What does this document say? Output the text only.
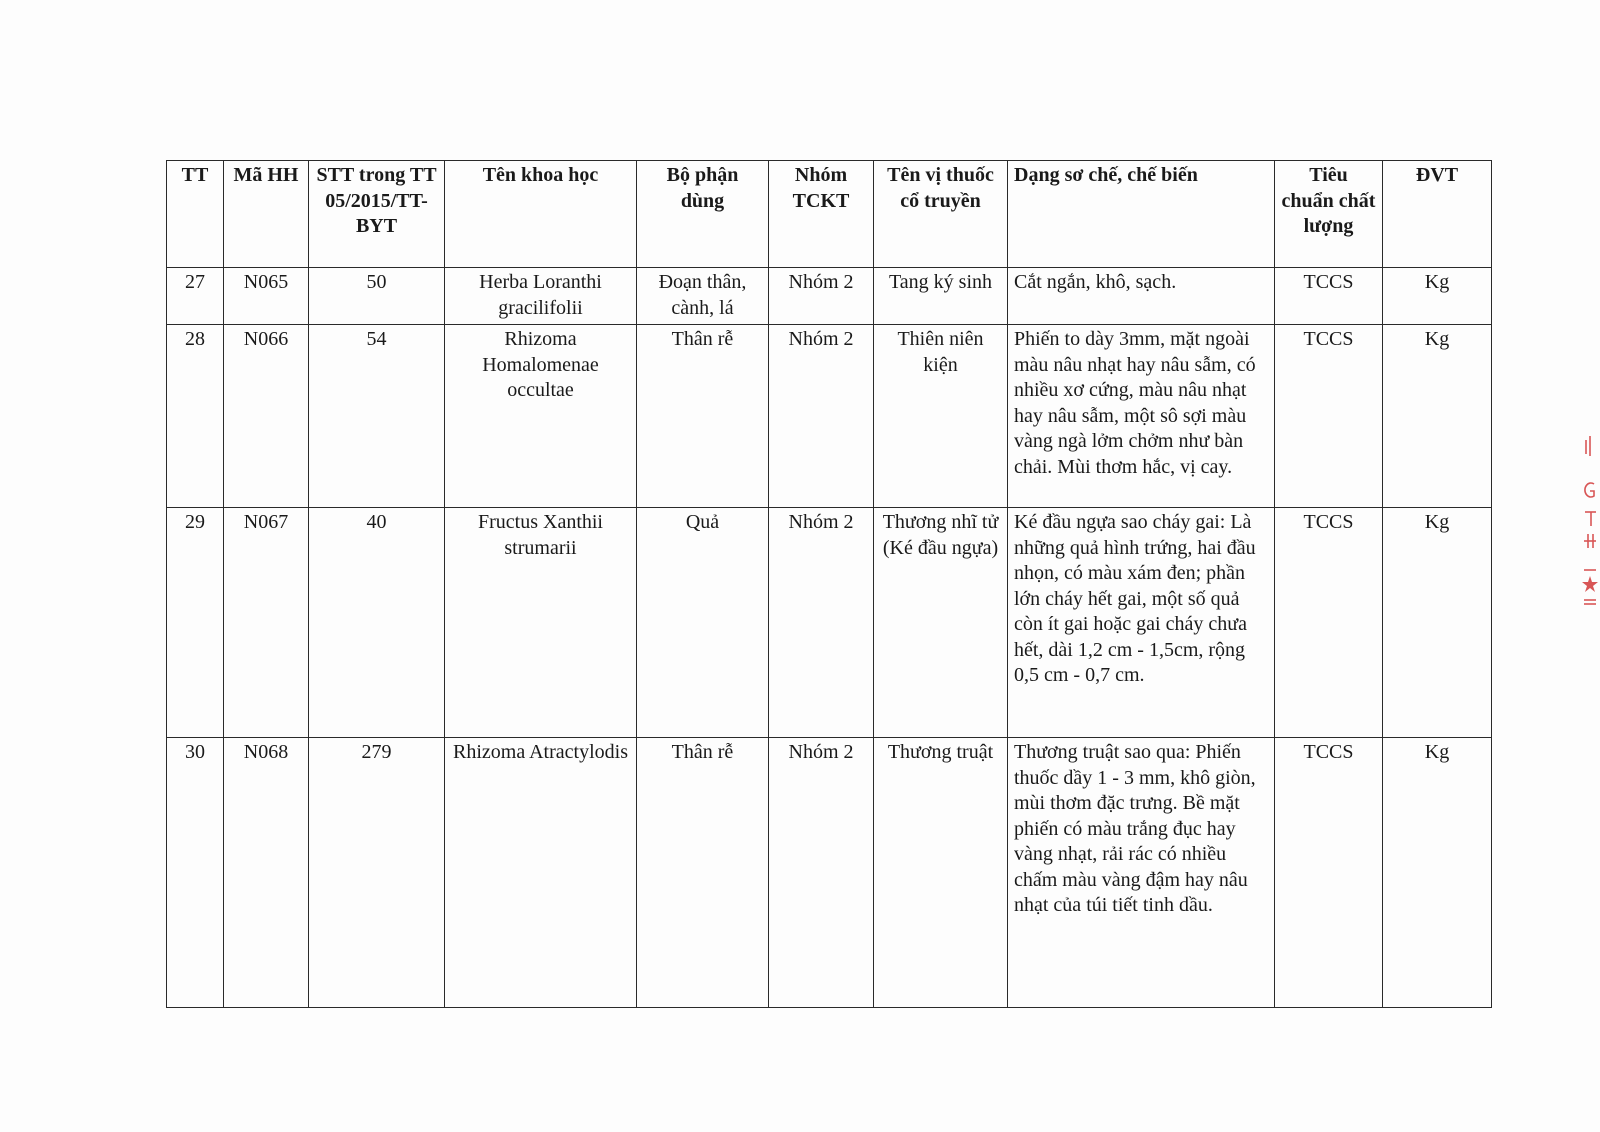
TT	Mã HH	STT trong TT 05/2015/TT-BYT	Tên khoa học	Bộ phận dùng	Nhóm TCKT	Tên vị thuốc cổ truyền	Dạng sơ chế, chế biến	Tiêu chuẩn chất lượng	ĐVT
27	N065	50	Herba Loranthi gracilifolii	Đoạn thân, cành, lá	Nhóm 2	Tang ký sinh	Cắt ngắn, khô, sạch.	TCCS	Kg
28	N066	54	Rhizoma Homalomenae occultae	Thân rễ	Nhóm 2	Thiên niên kiện	Phiến to dày 3mm, mặt ngoài màu nâu nhạt hay nâu sẫm, có nhiều xơ cứng, màu nâu nhạt hay nâu sẫm, một sô sợi màu vàng ngà lởm chởm như bàn chải. Mùi thơm hắc, vị cay.	TCCS	Kg
29	N067	40	Fructus Xanthii strumarii	Quả	Nhóm 2	Thương nhĩ tử (Ké đầu ngựa)	Ké đầu ngựa sao cháy gai: Là những quả hình trứng, hai đầu nhọn, có màu xám đen; phần lớn cháy hết gai, một số quả còn ít gai hoặc gai cháy chưa hết, dài 1,2 cm - 1,5cm, rộng 0,5 cm - 0,7 cm.	TCCS	Kg
30	N068	279	Rhizoma Atractylodis	Thân rễ	Nhóm 2	Thương truật	Thương truật sao qua: Phiến thuốc dầy 1 - 3 mm, khô giòn, mùi thơm đặc trưng. Bề mặt phiến có màu trắng đục hay vàng nhạt, rải rác có nhiều chấm màu vàng đậm hay nâu nhạt của túi tiết tinh dầu.	TCCS	Kg
